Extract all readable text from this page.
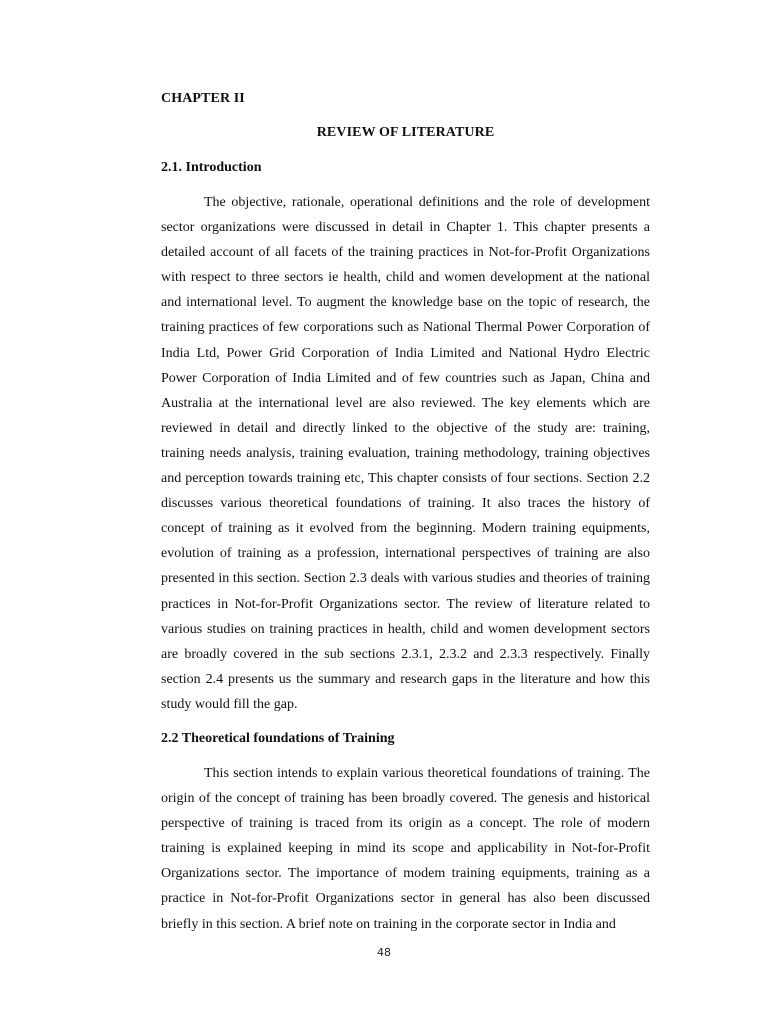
CHAPTER II
REVIEW OF LITERATURE
2.1. Introduction

The objective, rationale, operational definitions and the role of development sector organizations were discussed in detail in Chapter 1. This chapter presents a detailed account of all facets of the training practices in Not-for-Profit Organizations with respect to three sectors ie health, child and women development at the national and international level. To augment the knowledge base on the topic of research, the training practices of few corporations such as National Thermal Power Corporation of India Ltd, Power Grid Corporation of India Limited and National Hydro Electric Power Corporation of India Limited and of few countries such as Japan, China and Australia at the international level are also reviewed. The key elements which are reviewed in detail and directly linked to the objective of the study are: training, training needs analysis, training evaluation, training methodology, training objectives and perception towards training etc, This chapter consists of four sections. Section 2.2 discusses various theoretical foundations of training. It also traces the history of concept of training as it evolved from the beginning. Modern training equipments, evolution of training as a profession, international perspectives of training are also presented in this section. Section 2.3 deals with various studies and theories of training practices in Not-for-Profit Organizations sector. The review of literature related to various studies on training practices in health, child and women development sectors are broadly covered in the sub sections 2.3.1, 2.3.2 and 2.3.3 respectively. Finally section 2.4 presents us the summary and research gaps in the literature and how this study would fill the gap.

2.2 Theoretical foundations of Training

This section intends to explain various theoretical foundations of training. The origin of the concept of training has been broadly covered. The genesis and historical perspective of training is traced from its origin as a concept. The role of modern training is explained keeping in mind its scope and applicability in Not-for-Profit Organizations sector. The importance of modem training equipments, training as a practice in Not-for-Profit Organizations sector in general has also been discussed briefly in this section. A brief note on training in the corporate sector in India and

48
